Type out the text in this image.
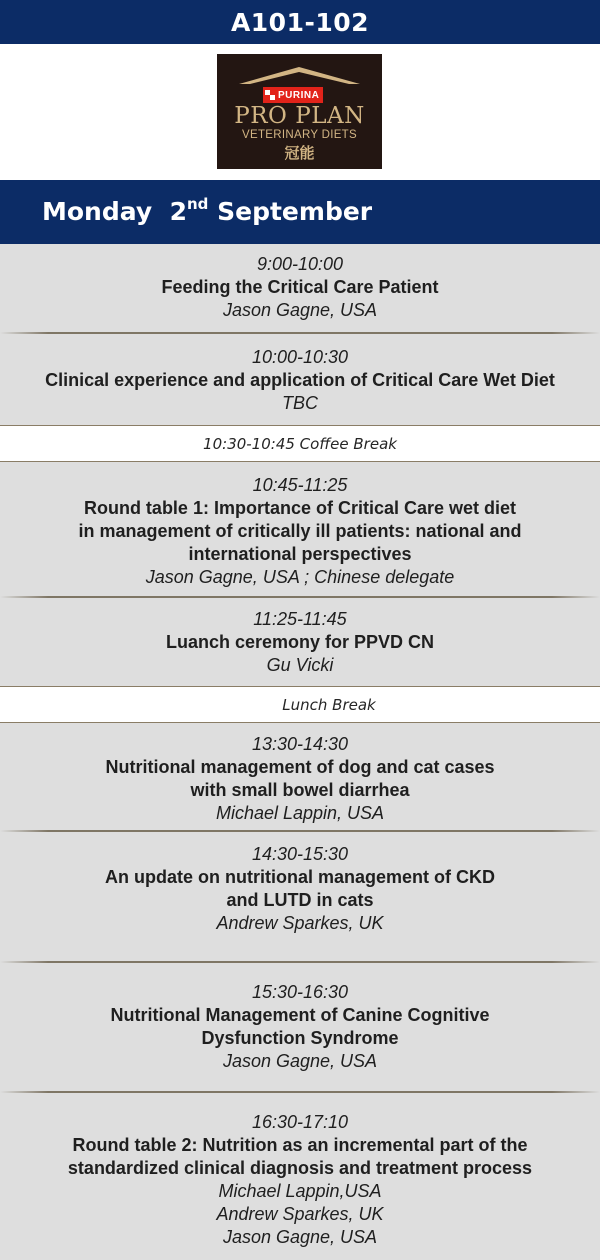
A101-102
PURINA
PRO PLAN
VETERINARY DIETS
冠能
Monday 2nd September
9:00-10:00
Feeding the Critical Care Patient
Jason Gagne, USA
10:00-10:30
Clinical experience and application of Critical Care Wet Diet
TBC
10:30-10:45 Coffee Break
10:45-11:25
Round table 1: Importance of Critical Care wet diet
in management of critically ill patients: national and
international perspectives
Jason Gagne, USA ; Chinese delegate
11:25-11:45
Luanch ceremony for PPVD CN
Gu Vicki
Lunch Break
13:30-14:30
Nutritional management of dog and cat cases
with small bowel diarrhea
Michael Lappin, USA
14:30-15:30
An update on nutritional management of CKD
and LUTD in cats
Andrew Sparkes, UK
15:30-16:30
Nutritional Management of Canine Cognitive
Dysfunction Syndrome
Jason Gagne, USA
16:30-17:10
Round table 2: Nutrition as an incremental part of the
standardized clinical diagnosis and treatment process
Michael Lappin,USA
Andrew Sparkes, UK
Jason Gagne, USA
